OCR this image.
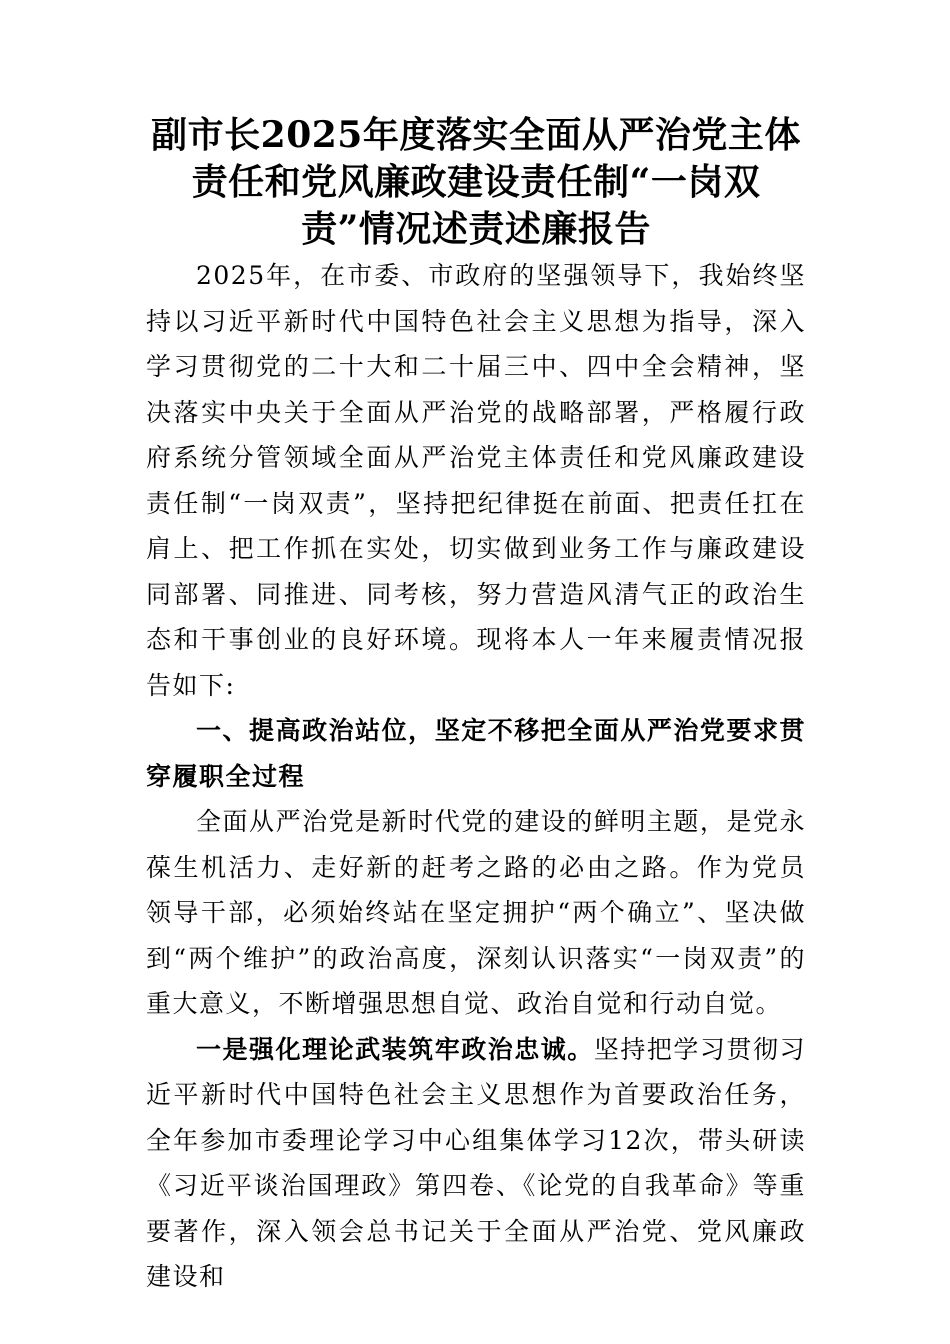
副市长2025年度落实全面从严治党主体责任和党风廉政建设责任制“一岗双责”情况述责述廉报告

2025年，在市委、市政府的坚强领导下，我始终坚持以习近平新时代中国特色社会主义思想为指导，深入学习贯彻党的二十大和二十届三中、四中全会精神，坚决落实中央关于全面从严治党的战略部署，严格履行政府系统分管领域全面从严治党主体责任和党风廉政建设责任制“一岗双责”，坚持把纪律挺在前面、把责任扛在肩上、把工作抓在实处，切实做到业务工作与廉政建设同部署、同推进、同考核，努力营造风清气正的政治生态和干事创业的良好环境。现将本人一年来履责情况报告如下:

一、提高政治站位，坚定不移把全面从严治党要求贯穿履职全过程

全面从严治党是新时代党的建设的鲜明主题，是党永葆生机活力、走好新的赶考之路的必由之路。作为党员领导干部，必须始终站在坚定拥护“两个确立”、坚决做到“两个维护”的政治高度，深刻认识落实“一岗双责”的重大意义，不断增强思想自觉、政治自觉和行动自觉。

一是强化理论武装筑牢政治忠诚。坚持把学习贯彻习近平新时代中国特色社会主义思想作为首要政治任务，全年参加市委理论学习中心组集体学习12次，带头研读《习近平谈治国理政》第四卷、《论党的自我革命》等重要著作，深入领会总书记关于全面从严治党、党风廉政建设和
